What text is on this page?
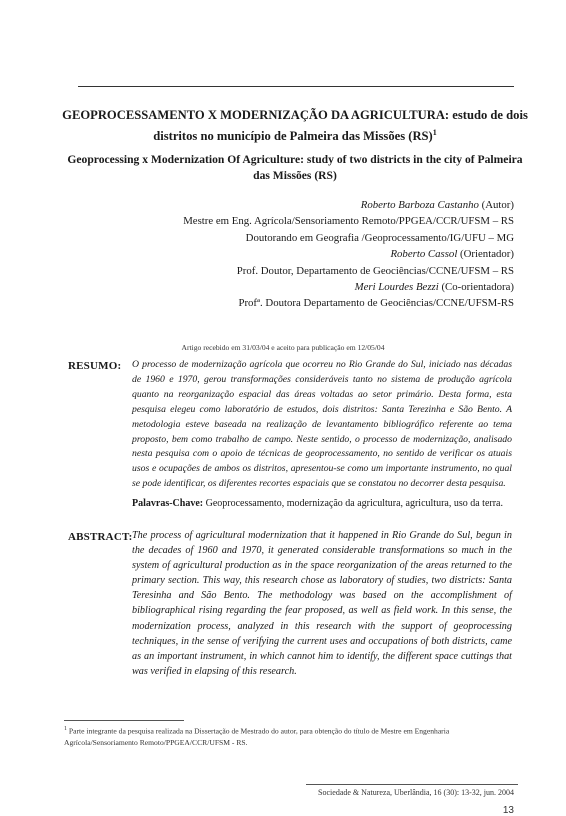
GEOPROCESSAMENTO X MODERNIZAÇÃO DA AGRICULTURA: estudo de dois distritos no município de Palmeira das Missões (RS)$^1$
Geoprocessing x Modernization Of Agriculture: study of two districts in the city of Palmeira das Missões (RS)
Roberto Barboza Castanho (Autor)
Mestre em Eng. Agrícola/Sensoriamento Remoto/PPGEA/CCR/UFSM – RS
Doutorando em Geografia /Geoprocessamento/IG/UFU – MG
Roberto Cassol (Orientador)
Prof. Doutor, Departamento de Geociências/CCNE/UFSM – RS
Meri Lourdes Bezzi (Co-orientadora)
Profª. Doutora Departamento de Geociências/CCNE/UFSM-RS
Artigo recebido em 31/03/04 e aceito para publicação em 12/05/04
RESUMO: O processo de modernização agrícola que ocorreu no Rio Grande do Sul, iniciado nas décadas de 1960 e 1970, gerou transformações consideráveis tanto no sistema de produção agrícola quanto na reorganização espacial das áreas voltadas ao setor primário. Desta forma, esta pesquisa elegeu como laboratório de estudos, dois distritos: Santa Terezinha e São Bento. A metodologia esteve baseada na realização de levantamento bibliográfico referente ao tema proposto, bem como trabalho de campo. Neste sentido, o processo de modernização, analisado nesta pesquisa com o apoio de técnicas de geoprocessamento, no sentido de verificar os atuais usos e ocupações de ambos os distritos, apresentou-se como um importante instrumento, no qual se pode identificar, os diferentes recortes espaciais que se constatou no decorrer desta pesquisa.
Palavras-Chave: Geoprocessamento, modernização da agricultura, agricultura, uso da terra.
ABSTRACT: The process of agricultural modernization that it happened in Rio Grande do Sul, begun in the decades of 1960 and 1970, it generated considerable transformations so much in the system of agricultural production as in the space reorganization of the areas returned to the primary section. This way, this research chose as laboratory of studies, two districts: Santa Teresinha and São Bento. The methodology was based on the accomplishment of bibliographical rising regarding the fear proposed, as well as field work. In this sense, the modernization process, analyzed in this research with the support of geoprocessing techniques, in the sense of verifying the current uses and occupations of both districts, came as an important instrument, in which cannot him to identify, the different space cuttings that was verified in elapsing of this research.
$^1$ Parte integrante da pesquisa realizada na Dissertação de Mestrado do autor, para obtenção do título de Mestre em Engenharia Agrícola/Sensoriamento Remoto/PPGEA/CCR/UFSM - RS.
Sociedade & Natureza, Uberlândia, 16 (30): 13-32, jun. 2004
13
